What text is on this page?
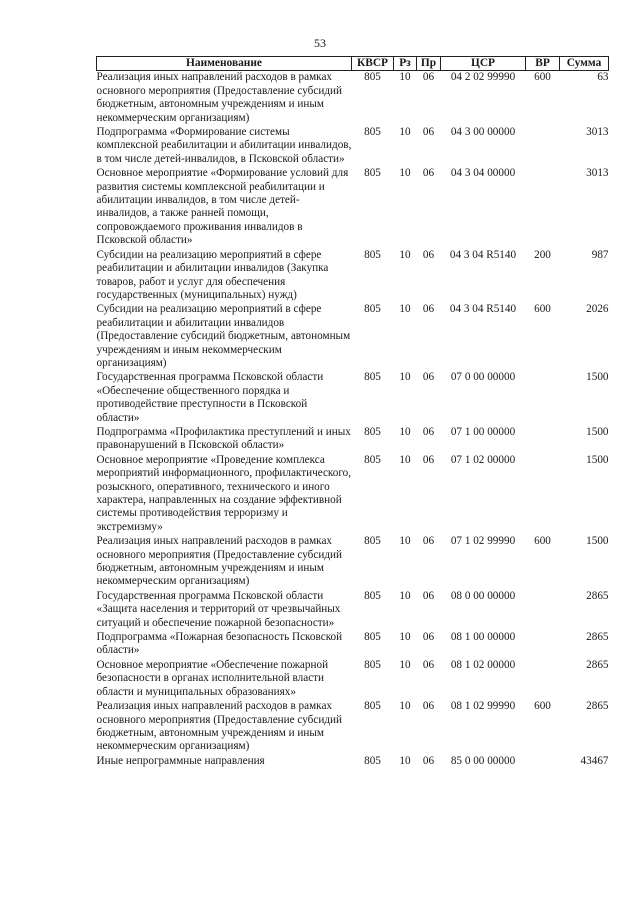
53
Наименование	КВСР	Рз	Пр	ЦСР	ВР	Сумма
Реализация иных направлений расходов в рамках основного мероприятия (Предоставление субсидий бюджетным, автономным учреждениям и иным некоммерческим организациям)	805	10	06	04 2 02 99990	600	63
Подпрограмма «Формирование системы комплексной реабилитации и абилитации инвалидов, в том числе детей-инвалидов, в Псковской области»	805	10	06	04 3 00 00000		3013
Основное мероприятие «Формирование условий для развития системы комплексной реабилитации и абилитации инвалидов, в том числе детей-инвалидов, а также ранней помощи, сопровождаемого проживания инвалидов в Псковской области»	805	10	06	04 3 04 00000		3013
Субсидии на реализацию мероприятий в сфере реабилитации и абилитации инвалидов (Закупка товаров, работ и услуг для обеспечения государственных (муниципальных) нужд)	805	10	06	04 3 04 R5140	200	987
Субсидии на реализацию мероприятий в сфере реабилитации и абилитации инвалидов (Предоставление субсидий бюджетным, автономным учреждениям и иным некоммерческим организациям)	805	10	06	04 3 04 R5140	600	2026
Государственная программа Псковской области «Обеспечение общественного порядка и противодействие преступности в Псковской области»	805	10	06	07 0 00 00000		1500
Подпрограмма «Профилактика преступлений и иных правонарушений в Псковской области»	805	10	06	07 1 00 00000		1500
Основное мероприятие «Проведение комплекса мероприятий информационного, профилактического, розыскного, оперативного, технического и иного характера, направленных на создание эффективной системы противодействия терроризму и экстремизму»	805	10	06	07 1 02 00000		1500
Реализация иных направлений расходов в рамках основного мероприятия (Предоставление субсидий бюджетным, автономным учреждениям и иным некоммерческим организациям)	805	10	06	07 1 02 99990	600	1500
Государственная программа Псковской области «Защита населения и территорий от чрезвычайных ситуаций и обеспечение пожарной безопасности»	805	10	06	08 0 00 00000		2865
Подпрограмма «Пожарная безопасность Псковской области»	805	10	06	08 1 00 00000		2865
Основное мероприятие «Обеспечение пожарной безопасности в органах исполнительной власти области и муниципальных образованиях»	805	10	06	08 1 02 00000		2865
Реализация иных направлений расходов в рамках основного мероприятия (Предоставление субсидий бюджетным, автономным учреждениям и иным некоммерческим организациям)	805	10	06	08 1 02 99990	600	2865
Иные непрограммные направления	805	10	06	85 0 00 00000		43467
